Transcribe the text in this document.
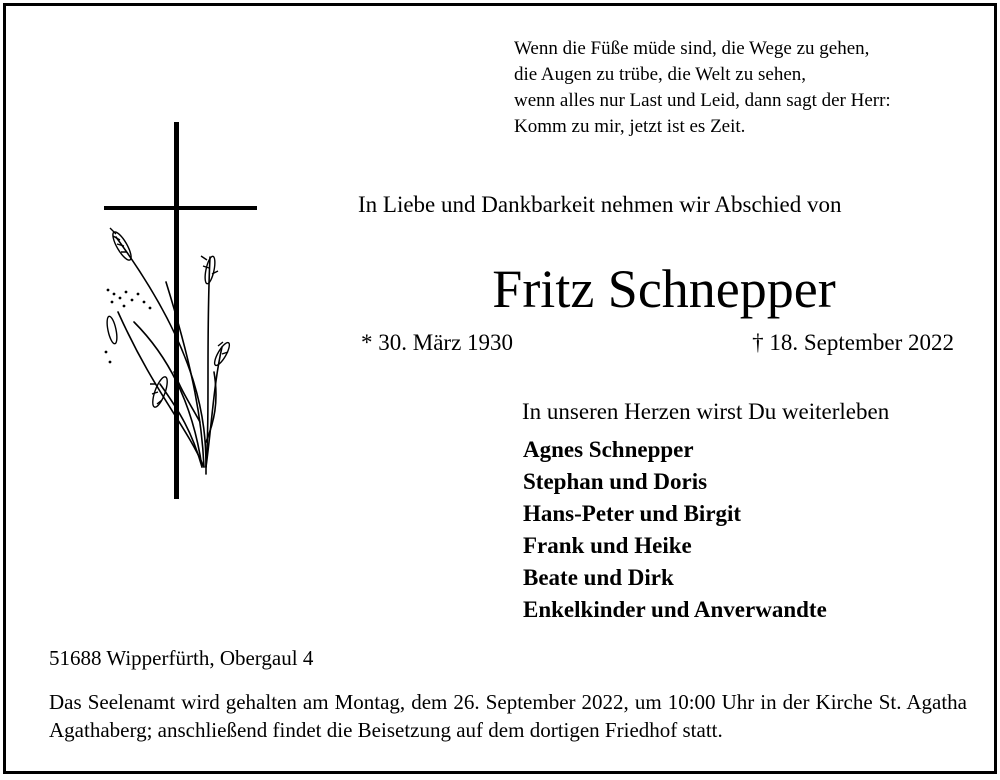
Wenn die Füße müde sind, die Wege zu gehen,
die Augen zu trübe, die Welt zu sehen,
wenn alles nur Last und Leid, dann sagt der Herr:
Komm zu mir, jetzt ist es Zeit.
In Liebe und Dankbarkeit nehmen wir Abschied von
Fritz Schnepper
* 30. März 1930	† 18. September 2022
In unseren Herzen wirst Du weiterleben
Agnes Schnepper
Stephan und Doris
Hans-Peter und Birgit
Frank und Heike
Beate und Dirk
Enkelkinder und Anverwandte
51688 Wipperfürth, Obergaul 4
Das Seelenamt wird gehalten am Montag, dem 26. September 2022, um 10:00 Uhr in der Kirche St. Agatha Agathaberg; anschließend findet die Beisetzung auf dem dortigen Friedhof statt.
